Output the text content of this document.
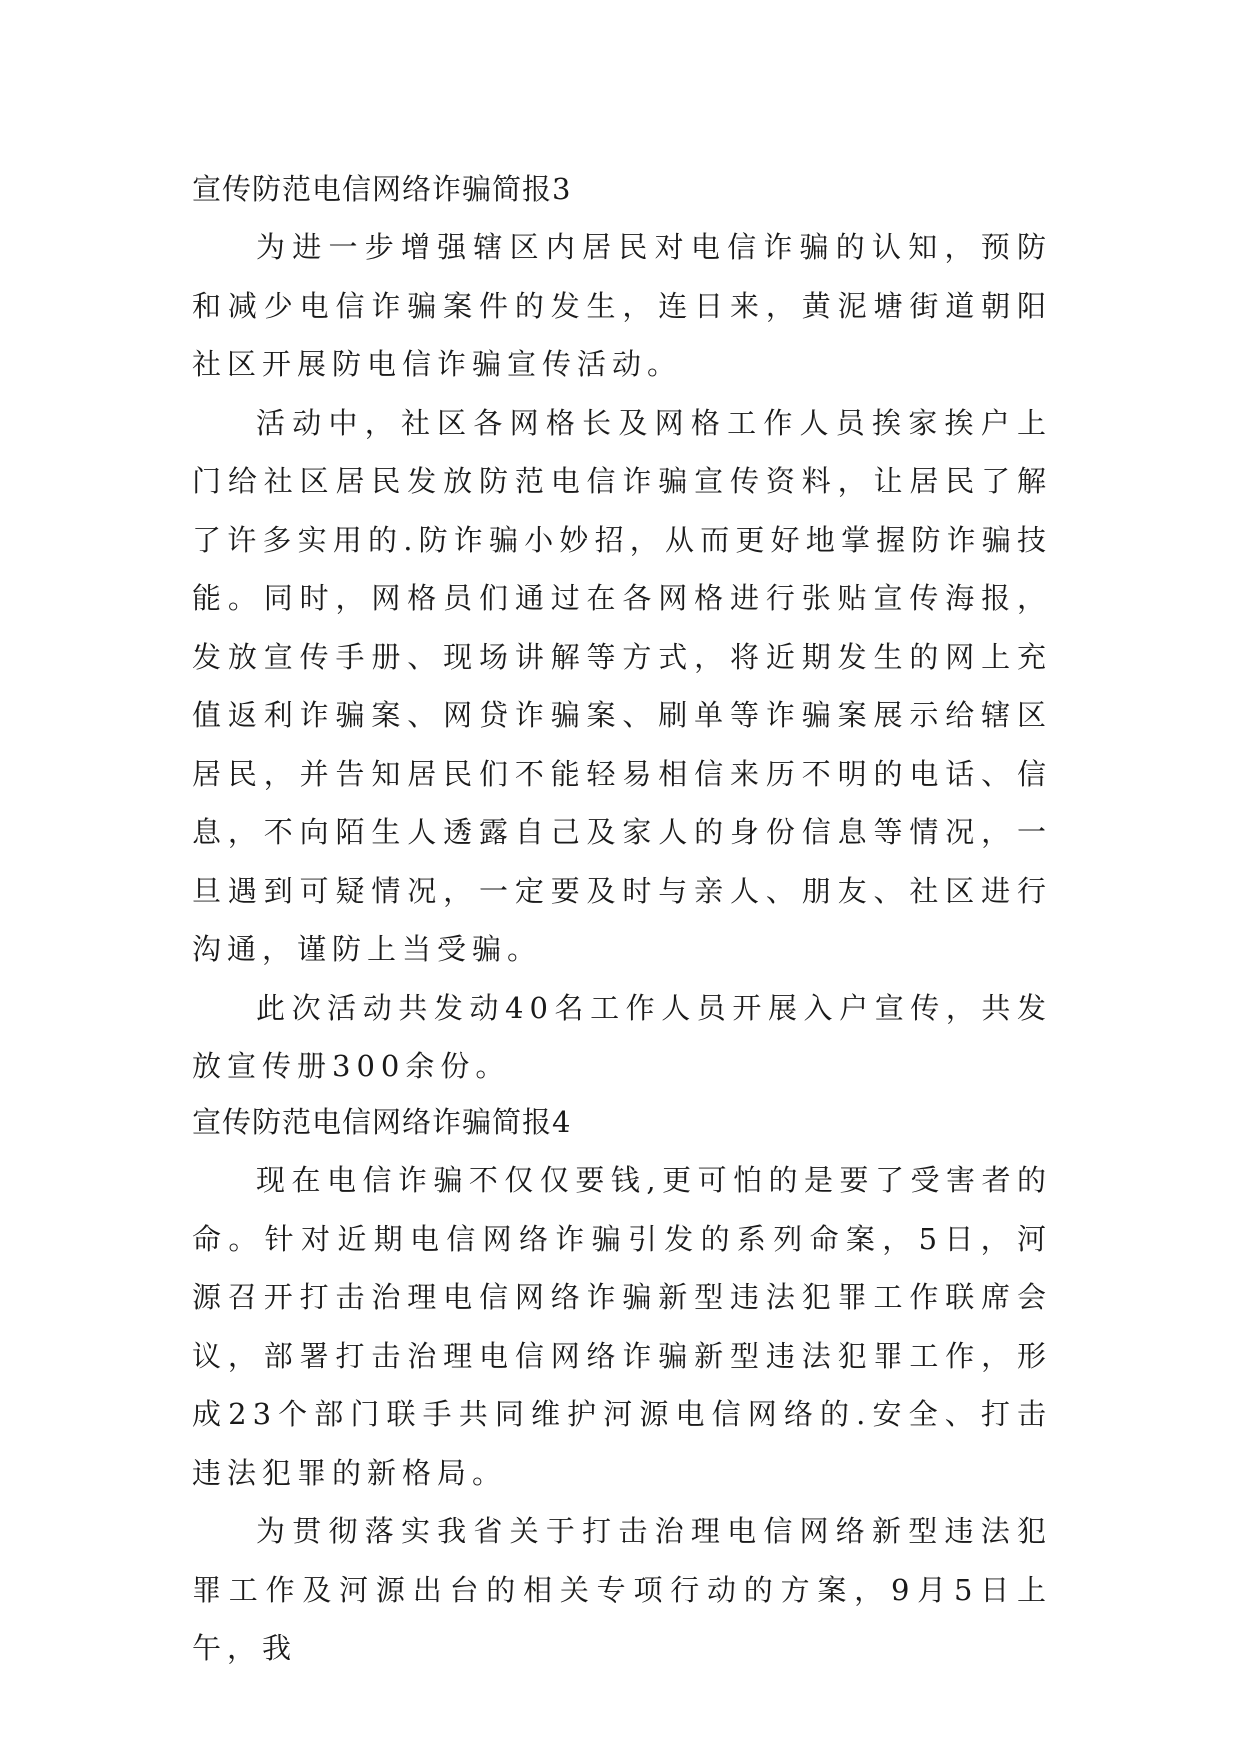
宣传防范电信网络诈骗简报3

为进一步增强辖区内居民对电信诈骗的认知，预防和减少电信诈骗案件的发生，连日来，黄泥塘街道朝阳社区开展防电信诈骗宣传活动。

活动中，社区各网格长及网格工作人员挨家挨户上门给社区居民发放防范电信诈骗宣传资料，让居民了解了许多实用的.防诈骗小妙招，从而更好地掌握防诈骗技能。同时，网格员们通过在各网格进行张贴宣传海报，发放宣传手册、现场讲解等方式，将近期发生的网上充值返利诈骗案、网贷诈骗案、刷单等诈骗案展示给辖区居民，并告知居民们不能轻易相信来历不明的电话、信息，不向陌生人透露自己及家人的身份信息等情况，一旦遇到可疑情况，一定要及时与亲人、朋友、社区进行沟通，谨防上当受骗。

此次活动共发动40名工作人员开展入户宣传，共发放宣传册300余份。

宣传防范电信网络诈骗简报4

现在电信诈骗不仅仅要钱,更可怕的是要了受害者的命。针对近期电信网络诈骗引发的系列命案，5日，河源召开打击治理电信网络诈骗新型违法犯罪工作联席会议，部署打击治理电信网络诈骗新型违法犯罪工作，形成23个部门联手共同维护河源电信网络的.安全、打击违法犯罪的新格局。

为贯彻落实我省关于打击治理电信网络新型违法犯罪工作及河源出台的相关专项行动的方案，9月5日上午，我
